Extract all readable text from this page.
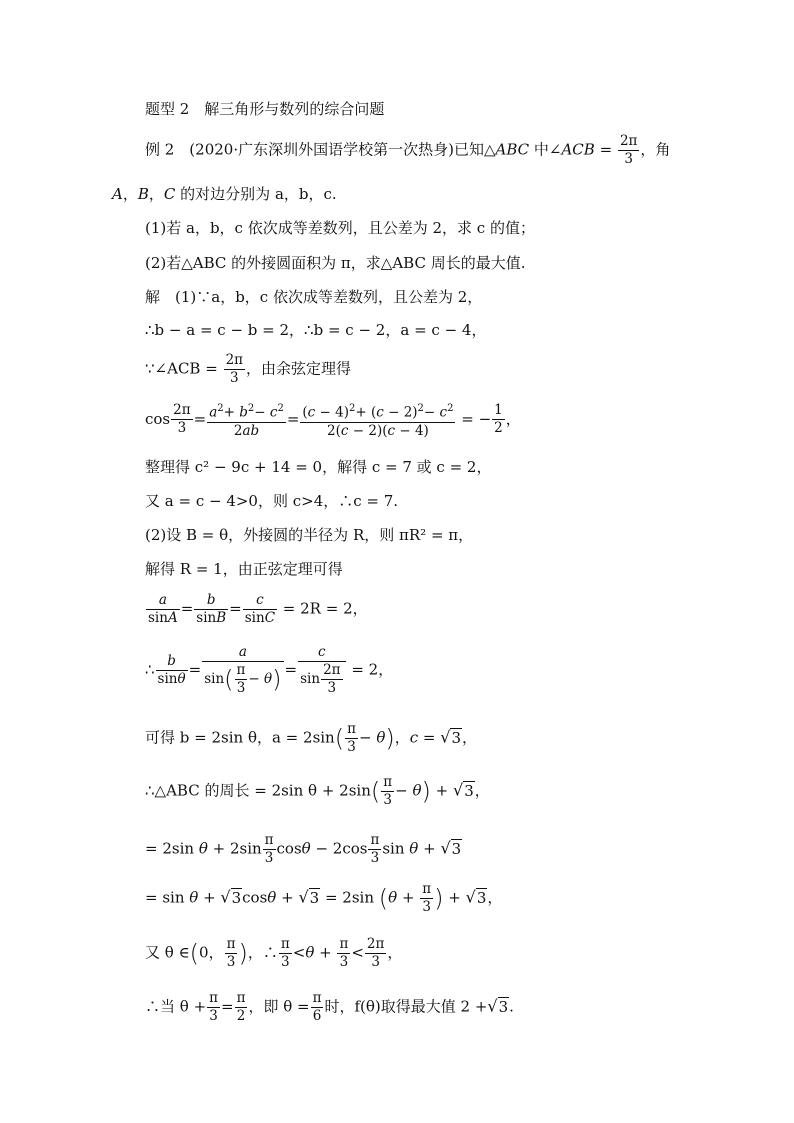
题型 2　解三角形与数列的综合问题
例 2　(2020·广东深圳外国语学校第一次热身)已知△ABC 中∠ACB = $\frac{2\pi}{3}$ ，角
A，B，C 的对边分别为 a，b，c.
(1)若 a，b，c 依次成等差数列，且公差为 2，求 c 的值；
(2)若△ABC 的外接圆面积为 π，求△ABC 周长的最大值.
解　(1)∵a，b，c 依次成等差数列，且公差为 2，
∴b − a = c − b = 2，∴b = c − 2，a = c − 4，
∵∠ACB = $\frac{2\pi}{3}$ ，由余弦定理得
$\cos \frac{2\pi}{3} = \frac{a^2+ b^2- c^2}{2ab} = \frac{(c - 4)^2+ (c - 2)^2- c^2}{2(c - 2)(c - 4)}$ = − $\frac{1}{2}$ ，
整理得 c² − 9c + 14 = 0，解得 c = 7 或 c = 2，
又 a = c − 4>0，则 c>4，∴c = 7.
(2)设 B = θ，外接圆的半径为 R，则 πR² = π，
解得 R = 1，由正弦定理可得
$\frac{a}{\sin A} = \frac{b}{\sin B} = \frac{c}{\sin C} = 2R = 2$，
∴ $\frac{b}{\sin\theta} = \frac{a}{\sin( \frac{\pi}{3} - \theta)} = \frac{c}{\sin \frac{2\pi}{3}} = 2$，
可得 b = 2sin θ，$a = 2\sin( \frac{\pi}{3} - \theta)$，c = √3，
∴△ABC 的周长 = 2sin $\theta + 2\sin( \frac{\pi}{3} - \theta) + √3$，
= 2sin $\theta + 2\sin \frac{\pi}{3}$ $\cos\theta - 2\cos \frac{\pi}{3}$ sin θ + √3
= sin θ + √3cosθ + √3 = 2sin ($\theta + \frac{\pi}{3}$ ) + √3，
又 θ ∈(0， $\frac{\pi}{3}$ )，∴ $\frac{\pi}{3} <\theta + \frac{\pi}{3} < \frac{2\pi}{3}$ ，
∴当 $\theta + \frac{\pi}{3} = \frac{\pi}{2}$ ，即 $\theta = \frac{\pi}{6}$ 时，f(θ)取得最大值 2 +√3.
